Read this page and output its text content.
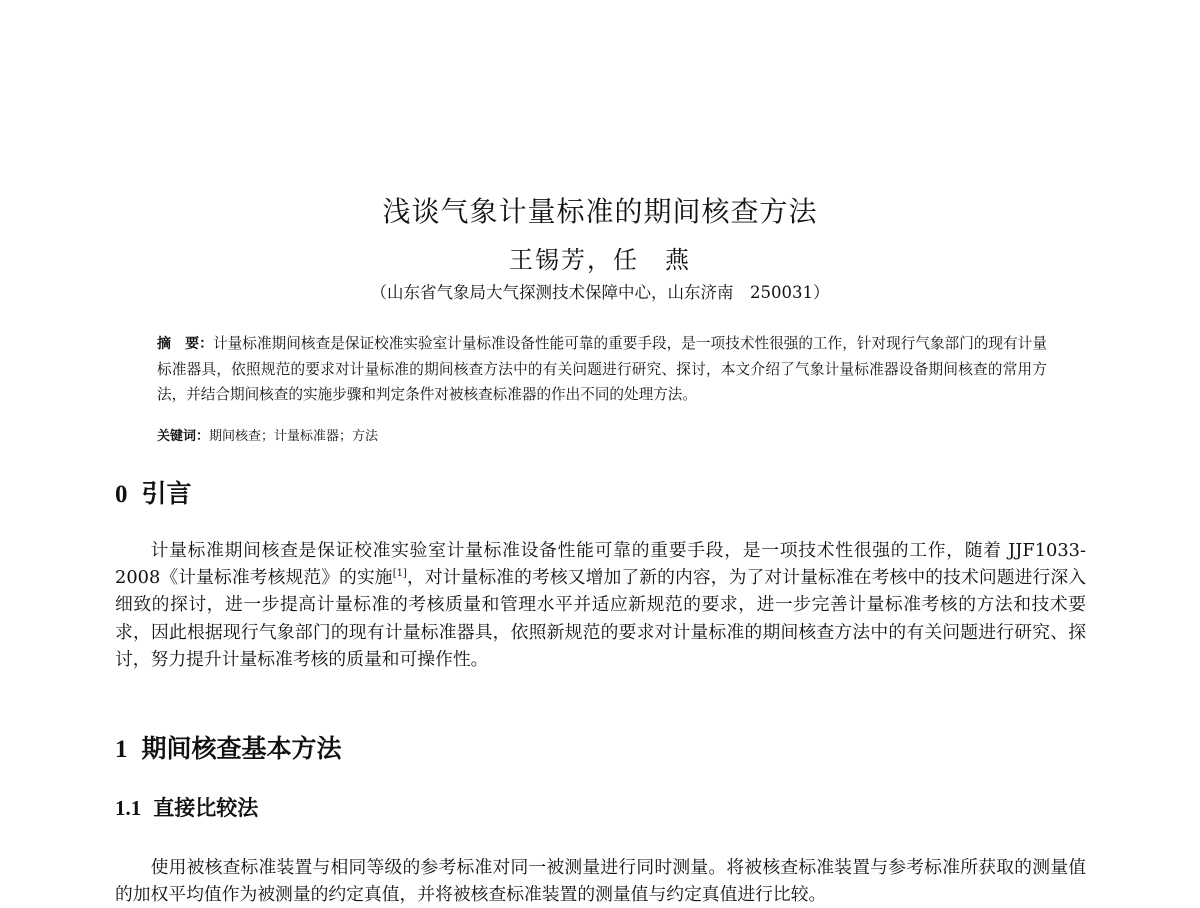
浅谈气象计量标准的期间核查方法
王锡芳，任　燕
（山东省气象局大气探测技术保障中心，山东济南　250031）
摘　要：计量标准期间核查是保证校准实验室计量标准设备性能可靠的重要手段，是一项技术性很强的工作，针对现行气象部门的现有计量标准器具，依照规范的要求对计量标准的期间核查方法中的有关问题进行研究、探讨，本文介绍了气象计量标准器设备期间核查的常用方法，并结合期间核查的实施步骤和判定条件对被核查标准器的作出不同的处理方法。
关键词：期间核查；计量标准器；方法
0 引言
计量标准期间核查是保证校准实验室计量标准设备性能可靠的重要手段，是一项技术性很强的工作，随着 JJF1033-2008《计量标准考核规范》的实施[1]，对计量标准的考核又增加了新的内容，为了对计量标准在考核中的技术问题进行深入细致的探讨，进一步提高计量标准的考核质量和管理水平并适应新规范的要求，进一步完善计量标准考核的方法和技术要求，因此根据现行气象部门的现有计量标准器具，依照新规范的要求对计量标准的期间核查方法中的有关问题进行研究、探讨，努力提升计量标准考核的质量和可操作性。
1 期间核查基本方法
1.1 直接比较法
使用被核查标准装置与相同等级的参考标准对同一被测量进行同时测量。将被核查标准装置与参考标准所获取的测量值的加权平均值作为被测量的约定真值，并将被核查标准装置的测量值与约定真值进行比较。
